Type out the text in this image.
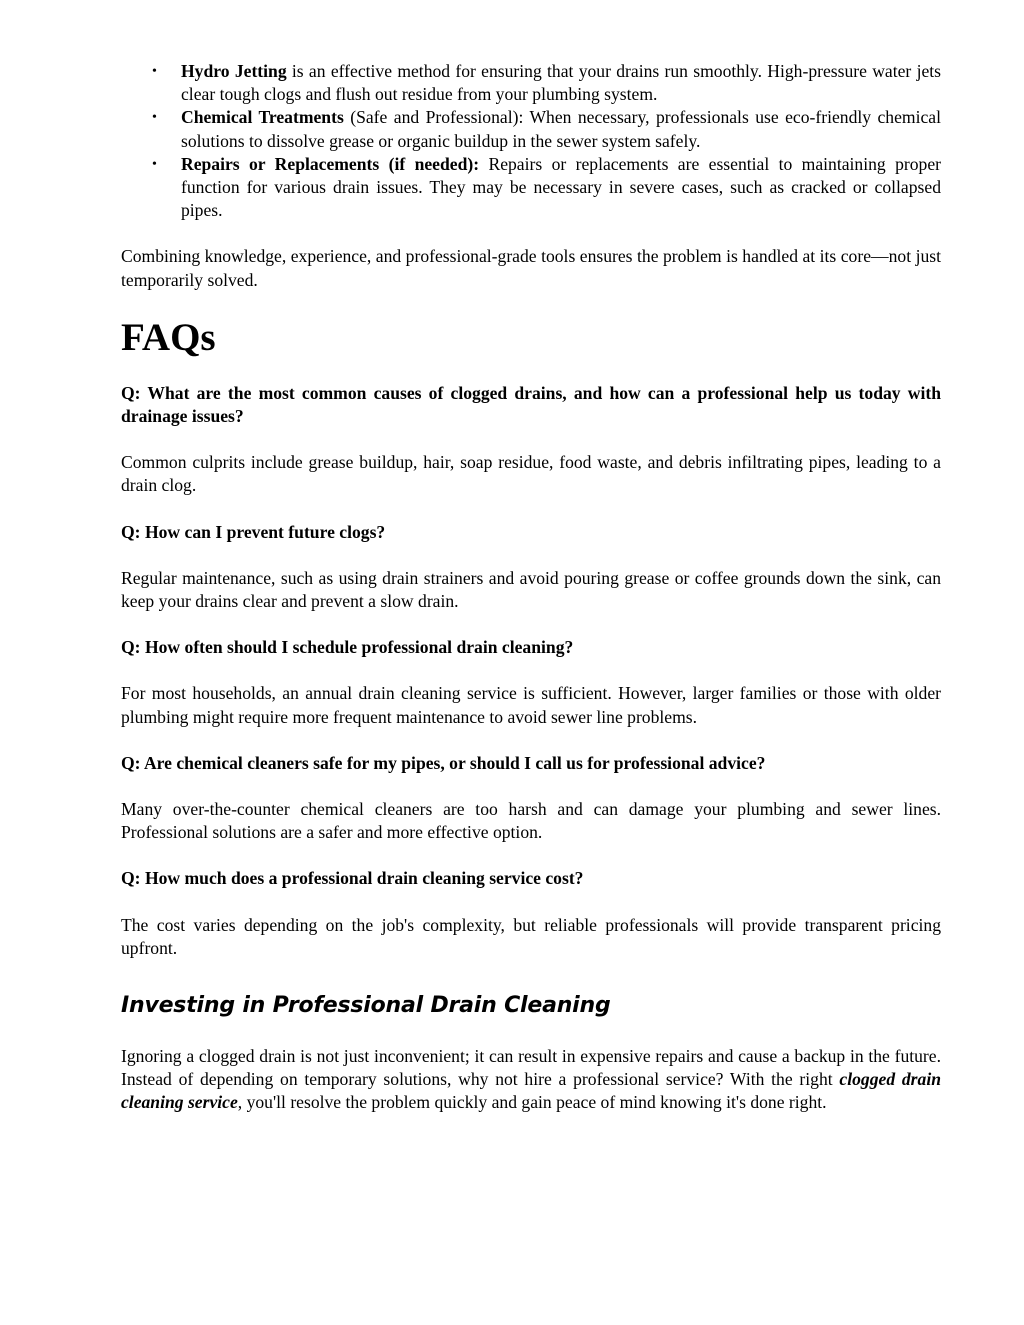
• Hydro Jetting is an effective method for ensuring that your drains run smoothly. High-pressure water jets clear tough clogs and flush out residue from your plumbing system.
• Chemical Treatments (Safe and Professional): When necessary, professionals use eco-friendly chemical solutions to dissolve grease or organic buildup in the sewer system safely.
• Repairs or Replacements (if needed): Repairs or replacements are essential to maintaining proper function for various drain issues. They may be necessary in severe cases, such as cracked or collapsed pipes.

Combining knowledge, experience, and professional-grade tools ensures the problem is handled at its core—not just temporarily solved.

FAQs

Q: What are the most common causes of clogged drains, and how can a professional help us today with drainage issues?

Common culprits include grease buildup, hair, soap residue, food waste, and debris infiltrating pipes, leading to a drain clog.

Q: How can I prevent future clogs?

Regular maintenance, such as using drain strainers and avoid pouring grease or coffee grounds down the sink, can keep your drains clear and prevent a slow drain.

Q: How often should I schedule professional drain cleaning?

For most households, an annual drain cleaning service is sufficient. However, larger families or those with older plumbing might require more frequent maintenance to avoid sewer line problems.

Q: Are chemical cleaners safe for my pipes, or should I call us for professional advice?

Many over-the-counter chemical cleaners are too harsh and can damage your plumbing and sewer lines. Professional solutions are a safer and more effective option.

Q: How much does a professional drain cleaning service cost?

The cost varies depending on the job's complexity, but reliable professionals will provide transparent pricing upfront.

Investing in Professional Drain Cleaning

Ignoring a clogged drain is not just inconvenient; it can result in expensive repairs and cause a backup in the future. Instead of depending on temporary solutions, why not hire a professional service? With the right clogged drain cleaning service, you'll resolve the problem quickly and gain peace of mind knowing it's done right.
